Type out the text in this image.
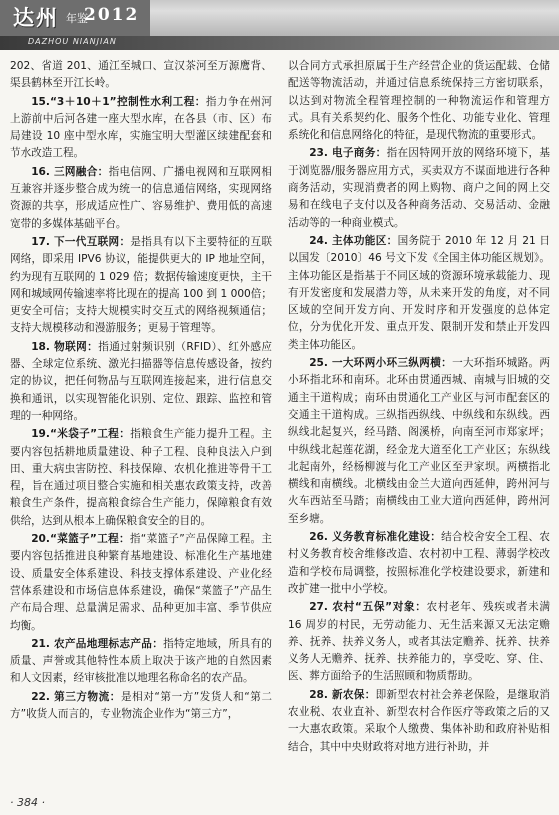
达州 年鉴
2012
DAZHOU NIANJIAN

202、省道 201、通江至城口、宣汉茶河至万源鹰背、渠县鹤林至开江长岭。

15.“3＋10＋1”控制性水利工程：指力争在州河上游前中后河各建一座大型水库，在各县（市、区）布局建设 10 座中型水库，实施宝明大型灌区续建配套和节水改造工程。

16. 三网融合：指电信网、广播电视网和互联网相互兼容并逐步整合成为统一的信息通信网络，实现网络资源的共享，形成适应性广、容易维护、费用低的高速宽带的多媒体基础平台。

17. 下一代互联网：是指具有以下主要特征的互联网络，即采用 IPV6 协议，能提供更大的 IP 地址空间，约为现有互联网的 1 029 倍；数据传输速度更快，主干网和城域网传输速率将比现在的提高 100 到 1 000倍；更安全可信；支持大规模实时交互式的网络视频通信；支持大规模移动和漫游服务；更易于管理等。

18. 物联网：指通过射频识别（RFID）、红外感应器、全球定位系统、激光扫描器等信息传感设备，按约定的协议，把任何物品与互联网连接起来，进行信息交换和通讯，以实现智能化识别、定位、跟踪、监控和管理的一种网络。

19.“米袋子”工程：指粮食生产能力提升工程。主要内容包括耕地质量建设、种子工程、良种良法入户到田、重大病虫害防控、科技保障、农机化推进等骨干工程，旨在通过项目整合实施和相关惠农政策支持，改善粮食生产条件，提高粮食综合生产能力，保障粮食有效供给，达到从根本上确保粮食安全的目的。

20.“菜篮子”工程：指“菜篮子”产品保障工程。主要内容包括推进良种繁育基地建设、标准化生产基地建设、质量安全体系建设、科技支撑体系建设、产业化经营体系建设和市场信息体系建设，确保“菜篮子”产品生产布局合理、总量满足需求、品种更加丰富、季节供应均衡。

21. 农产品地理标志产品：指特定地域，所具有的质量、声誉或其他特性本质上取决于该产地的自然因素和人文因素，经审核批准以地理名称命名的农产品。

22. 第三方物流：是相对“第一方”发货人和“第二方”收货人而言的，专业物流企业作为“第三方”，

以合同方式承担原属于生产经营企业的货运配载、仓储配送等物流活动，并通过信息系统保持三方密切联系，以达到对物流全程管理控制的一种物流运作和管理方式。具有关系契约化、服务个性化、功能专业化、管理系统化和信息网络化的特征，是现代物流的重要形式。

23. 电子商务：指在因特网开放的网络环境下，基于浏览器/服务器应用方式，买卖双方不谋面地进行各种商务活动，实现消费者的网上购物、商户之间的网上交易和在线电子支付以及各种商务活动、交易活动、金融活动等的一种商业模式。

24. 主体功能区：国务院于 2010 年 12 月 21 日以国发〔2010〕46 号文下发《全国主体功能区规划》。主体功能区是指基于不同区域的资源环境承载能力、现有开发密度和发展潜力等，从未来开发的角度，对不同区域的空间开发方向、开发时序和开发强度的总体定位，分为优化开发、重点开发、限制开发和禁止开发四类主体功能区。

25. 一大环两小环三纵两横：一大环指环城路。两小环指北环和南环。北环由贯通西城、南城与旧城的交通主干道构成；南环由贯通化工产业区与河市配套区的交通主干道构成。三纵指西纵线、中纵线和东纵线。西纵线北起复兴，经马踏、阁溪桥，向南至河市郑家坪；中纵线北起莲花湖，经金龙大道至化工产业区；东纵线北起南外，经杨柳渡与化工产业区至尹家坝。两横指北横线和南横线。北横线由金兰大道向西延伸，跨州河与火车西站至马踏；南横线由工业大道向西延伸，跨州河至乡塘。

26. 义务教育标准化建设：结合校舍安全工程、农村义务教育校舍维修改造、农村初中工程、薄弱学校改造和学校布局调整，按照标准化学校建设要求，新建和改扩建一批中小学校。

27. 农村“五保”对象：农村老年、残疾或者未满 16 周岁的村民，无劳动能力、无生活来源又无法定赡养、抚养、扶养义务人，或者其法定赡养、抚养、扶养义务人无赡养、抚养、扶养能力的，享受吃、穿、住、医、葬方面给予的生活照顾和物质帮助。

28. 新农保：即新型农村社会养老保险，是继取消农业税、农业直补、新型农村合作医疗等政策之后的又一大惠农政策。采取个人缴费、集体补助和政府补贴相结合，其中中央财政将对地方进行补助，并

· 384 ·
